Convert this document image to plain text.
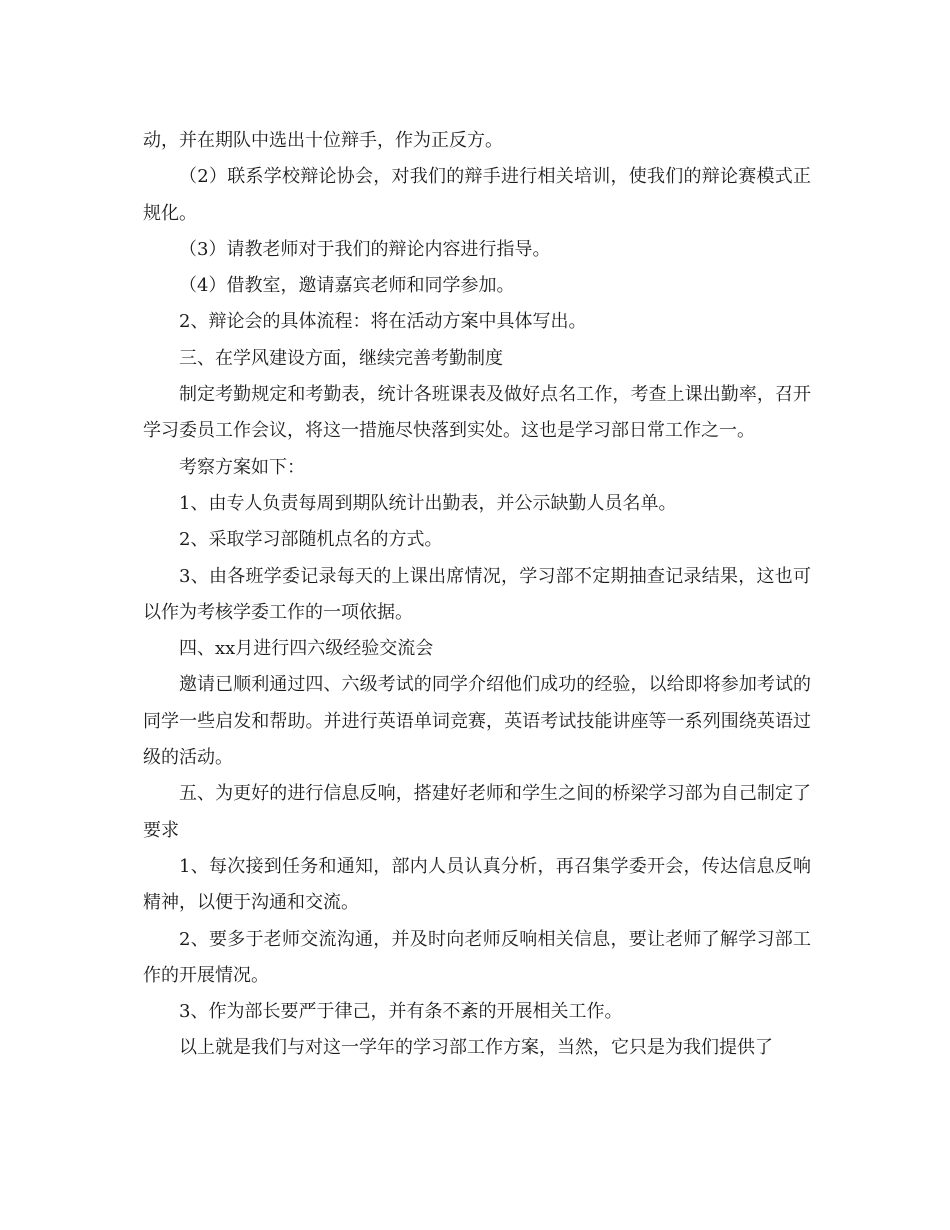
动，并在期队中选出十位辩手，作为正反方。

（2）联系学校辩论协会，对我们的辩手进行相关培训，使我们的辩论赛模式正规化。

（3）请教老师对于我们的辩论内容进行指导。

（4）借教室，邀请嘉宾老师和同学参加。

2、辩论会的具体流程：将在活动方案中具体写出。

三、在学风建设方面，继续完善考勤制度

制定考勤规定和考勤表，统计各班课表及做好点名工作，考查上课出勤率，召开学习委员工作会议，将这一措施尽快落到实处。这也是学习部日常工作之一。

考察方案如下：

1、由专人负责每周到期队统计出勤表，并公示缺勤人员名单。

2、采取学习部随机点名的方式。

3、由各班学委记录每天的上课出席情况，学习部不定期抽查记录结果，这也可以作为考核学委工作的一项依据。

四、xx月进行四六级经验交流会

邀请已顺利通过四、六级考试的同学介绍他们成功的经验，以给即将参加考试的同学一些启发和帮助。并进行英语单词竞赛，英语考试技能讲座等一系列围绕英语过级的活动。

五、为更好的进行信息反响，搭建好老师和学生之间的桥梁学习部为自己制定了要求

1、每次接到任务和通知，部内人员认真分析，再召集学委开会，传达信息反响精神，以便于沟通和交流。

2、要多于老师交流沟通，并及时向老师反响相关信息，要让老师了解学习部工作的开展情况。

3、作为部长要严于律己，并有条不紊的开展相关工作。

以上就是我们与对这一学年的学习部工作方案，当然，它只是为我们提供了
